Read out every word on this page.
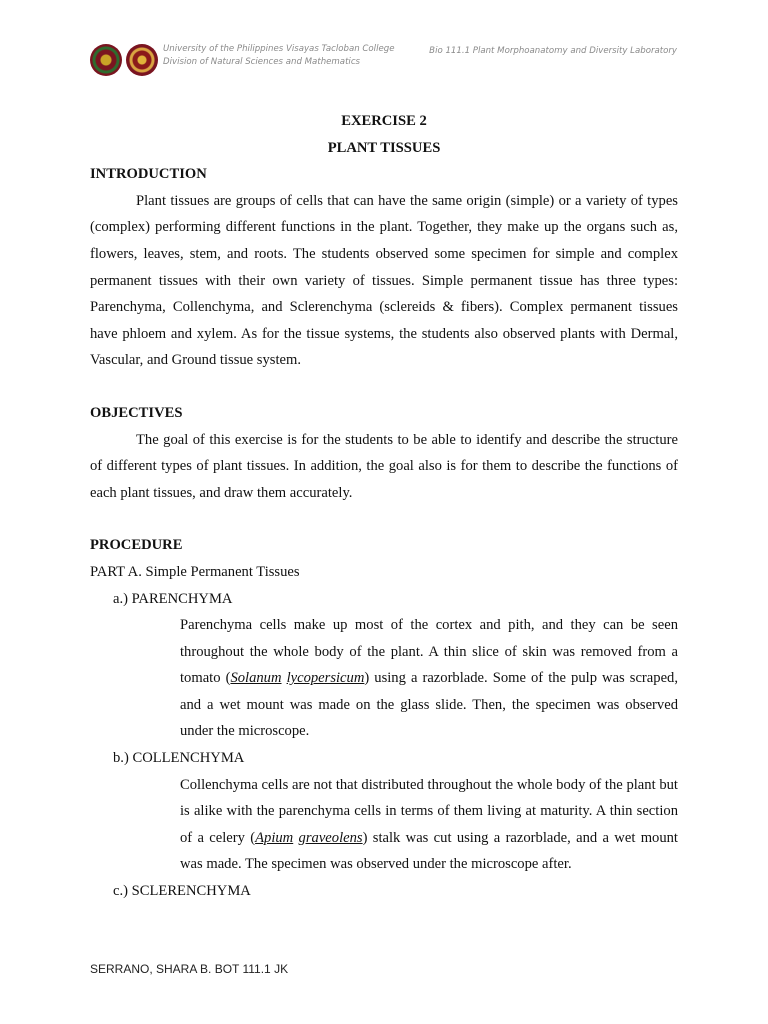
University of the Philippines Visayas Tacloban College
Division of Natural Sciences and Mathematics
Bio 111.1 Plant Morphoanatomy and Diversity Laboratory
EXERCISE 2
PLANT TISSUES
INTRODUCTION

Plant tissues are groups of cells that can have the same origin (simple) or a variety of types (complex) performing different functions in the plant. Together, they make up the organs such as, flowers, leaves, stem, and roots. The students observed some specimen for simple and complex permanent tissues with their own variety of tissues. Simple permanent tissue has three types: Parenchyma, Collenchyma, and Sclerenchyma (sclereids & fibers). Complex permanent tissues have phloem and xylem. As for the tissue systems, the students also observed plants with Dermal, Vascular, and Ground tissue system.

OBJECTIVES

The goal of this exercise is for the students to be able to identify and describe the structure of different types of plant tissues. In addition, the goal also is for them to describe the functions of each plant tissues, and draw them accurately.

PROCEDURE
PART A. Simple Permanent Tissues
a.) PARENCHYMA

Parenchyma cells make up most of the cortex and pith, and they can be seen throughout the whole body of the plant. A thin slice of skin was removed from a tomato (Solanum lycopersicum) using a razorblade. Some of the pulp was scraped, and a wet mount was made on the glass slide. Then, the specimen was observed under the microscope.

b.) COLLENCHYMA

Collenchyma cells are not that distributed throughout the whole body of the plant but is alike with the parenchyma cells in terms of them living at maturity. A thin section of a celery (Apium graveolens) stalk was cut using a razorblade, and a wet mount was made. The specimen was observed under the microscope after.

c.) SCLERENCHYMA
SERRANO, SHARA B. BOT 111.1 JK
